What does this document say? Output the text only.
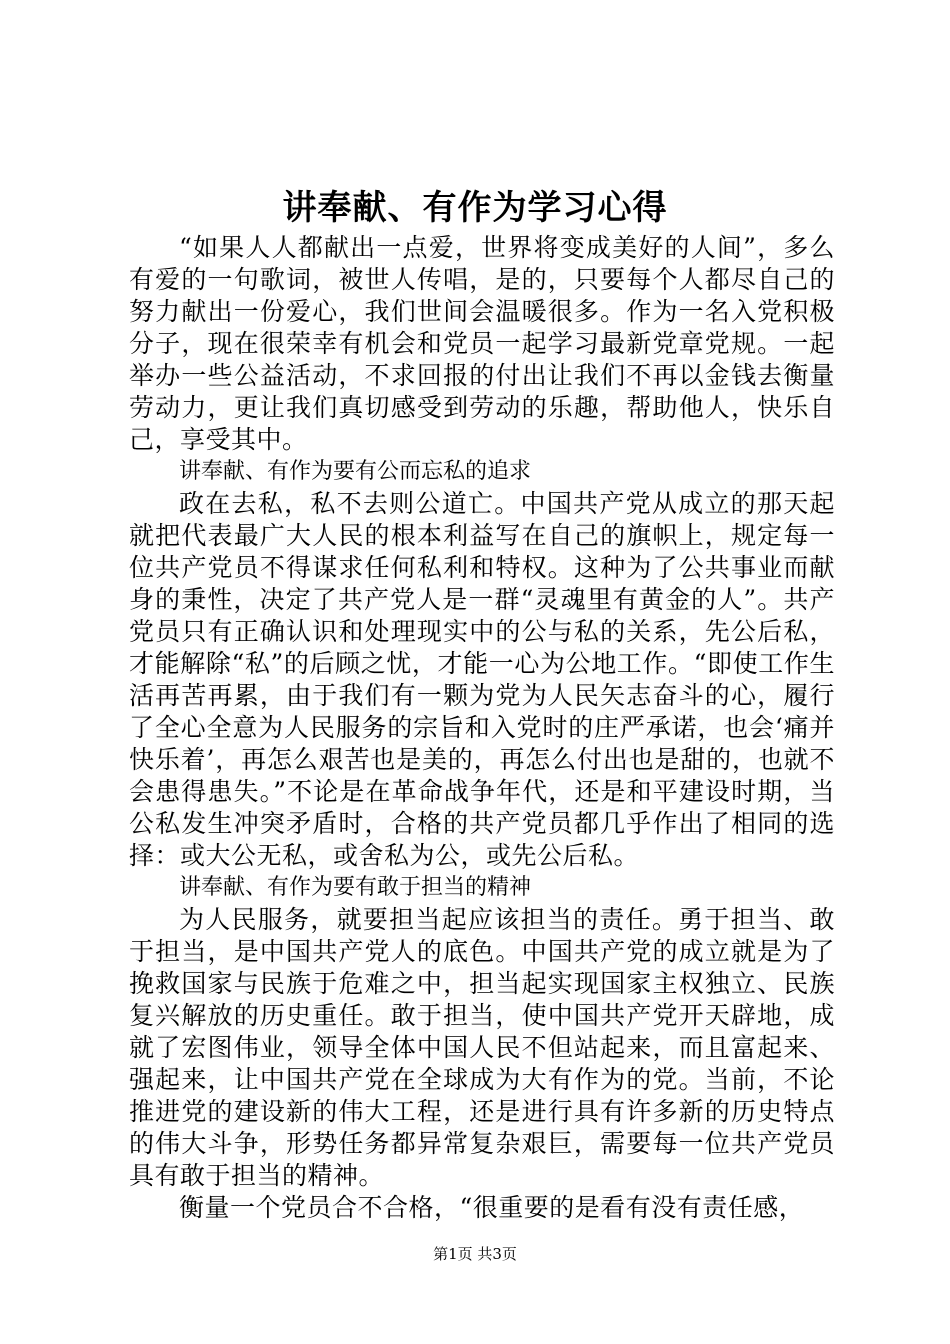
讲奉献、有作为学习心得

“如果人人都献出一点爱，世界将变成美好的人间”，多么有爱的一句歌词，被世人传唱，是的，只要每个人都尽自己的努力献出一份爱心，我们世间会温暖很多。作为一名入党积极分子，现在很荣幸有机会和党员一起学习最新党章党规。一起举办一些公益活动，不求回报的付出让我们不再以金钱去衡量劳动力，更让我们真切感受到劳动的乐趣，帮助他人，快乐自己，享受其中。

讲奉献、有作为要有公而忘私的追求

政在去私，私不去则公道亡。中国共产党从成立的那天起就把代表最广大人民的根本利益写在自己的旗帜上，规定每一位共产党员不得谋求任何私利和特权。这种为了公共事业而献身的秉性，决定了共产党人是一群“灵魂里有黄金的人”。共产党员只有正确认识和处理现实中的公与私的关系，先公后私，才能解除“私”的后顾之忧，才能一心为公地工作。“即使工作生活再苦再累，由于我们有一颗为党为人民矢志奋斗的心，履行了全心全意为人民服务的宗旨和入党时的庄严承诺，也会‘痛并快乐着’，再怎么艰苦也是美的，再怎么付出也是甜的，也就不会患得患失。”不论是在革命战争年代，还是和平建设时期，当公私发生冲突矛盾时，合格的共产党员都几乎作出了相同的选择：或大公无私，或舍私为公，或先公后私。

讲奉献、有作为要有敢于担当的精神

为人民服务，就要担当起应该担当的责任。勇于担当、敢于担当，是中国共产党人的底色。中国共产党的成立就是为了挽救国家与民族于危难之中，担当起实现国家主权独立、民族复兴解放的历史重任。敢于担当，使中国共产党开天辟地，成就了宏图伟业，领导全体中国人民不但站起来，而且富起来、强起来，让中国共产党在全球成为大有作为的党。当前，不论推进党的建设新的伟大工程，还是进行具有许多新的历史特点的伟大斗争，形势任务都异常复杂艰巨，需要每一位共产党员具有敢于担当的精神。

衡量一个党员合不合格，“很重要的是看有没有责任感，

第1页 共3页
